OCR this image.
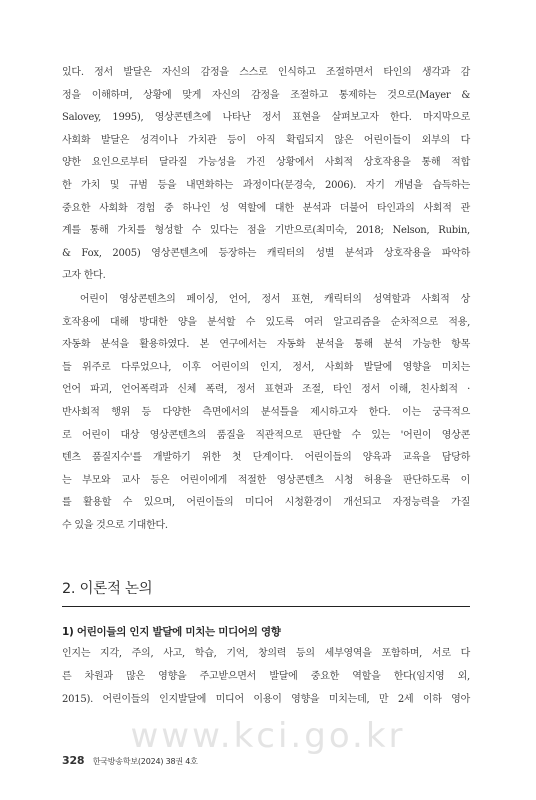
있다. 정서 발달은 자신의 감정을 스스로 인식하고 조절하면서 타인의 생각과 감

정을 이해하며, 상황에 맞게 자신의 감정을 조절하고 통제하는 것으로(Mayer &

Salovey, 1995), 영상콘텐츠에 나타난 정서 표현을 살펴보고자 한다. 마지막으로

사회화 발달은 성격이나 가치관 등이 아직 확립되지 않은 어린이들이 외부의 다

양한 요인으로부터 달라질 가능성을 가진 상황에서 사회적 상호작용을 통해 적합

한 가치 및 규범 등을 내면화하는 과정이다(문경숙, 2006). 자기 개념을 습득하는

중요한 사회화 경험 중 하나인 성 역할에 대한 분석과 더불어 타인과의 사회적 관

계를 통해 가치를 형성할 수 있다는 점을 기반으로(최미숙, 2018; Nelson, Rubin,

& Fox, 2005) 영상콘텐츠에 등장하는 캐릭터의 성별 분석과 상호작용을 파악하

고자 한다.

　어린이 영상콘텐츠의 페이싱, 언어, 정서 표현, 캐릭터의 성역할과 사회적 상

호작용에 대해 방대한 양을 분석할 수 있도록 여러 알고리즘을 순차적으로 적용,

자동화 분석을 활용하였다. 본 연구에서는 자동화 분석을 통해 분석 가능한 항목

들 위주로 다루었으나, 이후 어린이의 인지, 정서, 사회화 발달에 영향을 미치는

언어 파괴, 언어폭력과 신체 폭력, 정서 표현과 조절, 타인 정서 이해, 친사회적 ·

반사회적 행위 등 다양한 측면에서의 분석틀을 제시하고자 한다. 이는 궁극적으

로 어린이 대상 영상콘텐츠의 품질을 직관적으로 판단할 수 있는 '어린이 영상콘

텐츠 품질지수'를 개발하기 위한 첫 단계이다. 어린이들의 양육과 교육을 담당하

는 부모와 교사 등은 어린이에게 적절한 영상콘텐츠 시청 허용을 판단하도록 이

를 활용할 수 있으며, 어린이들의 미디어 시청환경이 개선되고 자정능력을 가질

수 있을 것으로 기대한다.

2. 이론적 논의
1) 어린이들의 인지 발달에 미치는 미디어의 영향

인지는 지각, 주의, 사고, 학습, 기억, 창의력 등의 세부영역을 포함하며, 서로 다

른 차원과 많은 영향을 주고받으면서 발달에 중요한 역할을 한다(임지영 외,

2015). 어린이들의 인지발달에 미디어 이용이 영향을 미치는데, 만 2세 이하 영아

www.kci.go.kr
328 한국방송학보(2024) 38권 4호
